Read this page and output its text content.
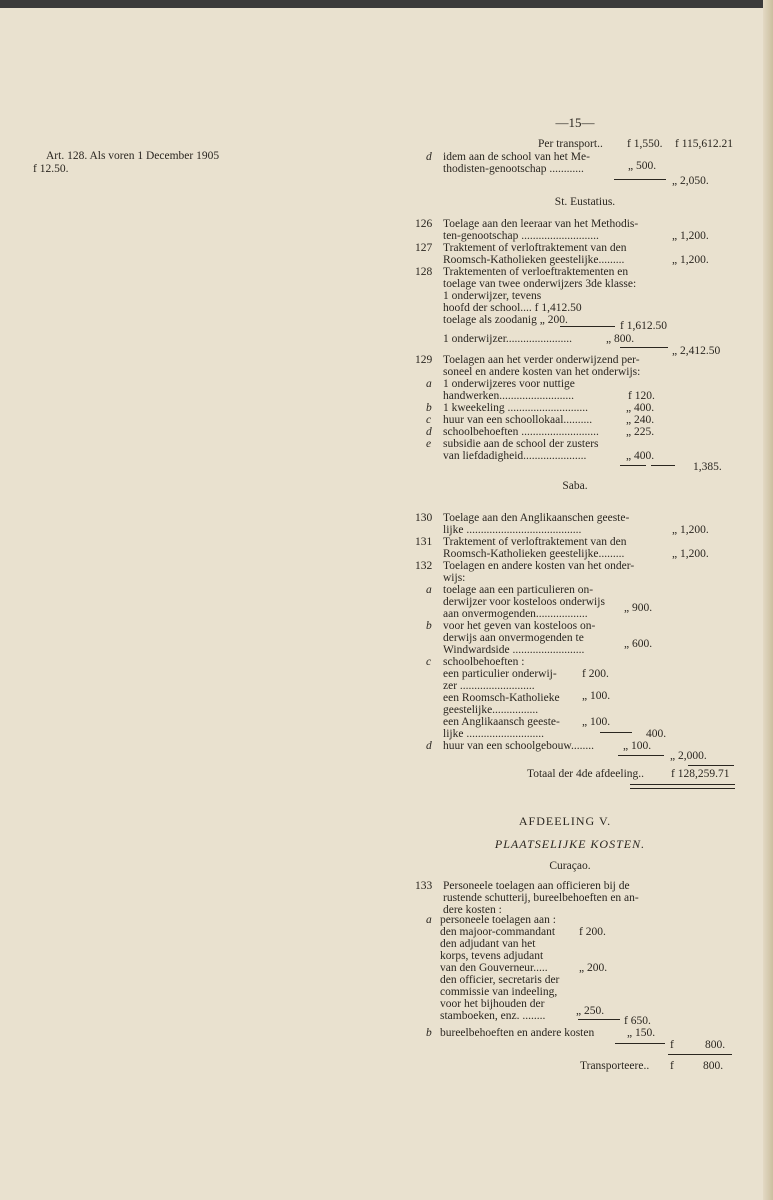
—15—
Art. 128. Als voren 1 December 1905
f 12.50.
Per transport.. f 1,550. f 115,612.21
d idem aan de school van het Me-
thodisten-genootschap ............	„ 500.
„ 2,050.
St. Eustatius.
126 Toelage aan den leeraar van het Methodis-
ten-genootschap ...........................	„ 1,200.
127 Traktement of verloftraktement van den
Roomsch-Katholieken geestelijke.........	„ 1,200.
128 Traktementen of verloeftraktementen en
toelage van twee onderwijzers 3de klasse:
1 onderwijzer, tevens
hoofd der school.... f 1,412.50
toelage als zoodanig „ 200.	f 1,612.50
1 onderwijzer.......................	„ 800.
„ 2,412.50
129 Toelagen aan het verder onderwijzend per-
soneel en andere kosten van het onderwijs:
a 1 onderwijzeres voor nuttige
handwerken..........................	f 120.
b 1 kweekeling ............................	„ 400.
c huur van een schoollokaal..........	„ 240.
d schoolbehoeften ........................... „ 225.
e subsidie aan de school der zusters
van liefdadigheid......................	„ 400.
1,385.
Saba.
130 Toelage aan den Anglikaanschen geeste-
lijke ........................................	„ 1,200.
131 Traktement of verloftraktement van den
Roomsch-Katholieken geestelijke.........	„ 1,200.
132 Toelagen en andere kosten van het onder-
wijs:
a toelage aan een particulieren on-
derwijzer voor kosteloos onderwijs
aan onvermogenden..................	„ 900.
b voor het geven van kosteloos on-
derwijs aan onvermogenden te
Windwardside .........................	„ 600.
c schoolbehoeften :
een particulier onderwij-
zer ..........................
f 200.
een Roomsch-Katholieke
geestelijke................
„ 100.
een Anglikaansch geeste-
lijke ...........................
„ 100.
400.
d huur van een schoolgebouw........	„ 100.
„ 2,000.
Totaal der 4de afdeeling.. f 128,259.71
AFDEELING V.
PLAATSELIJKE KOSTEN.
Curaçao.
133 Personeele toelagen aan officieren bij de
rustende schutterij, bureelbehoeften en an-
dere kosten :
a personeele toelagen aan :
den majoor-commandant f 200.
den adjudant van het
korps, tevens adjudant
van den Gouverneur.....	„ 200.
den officier, secretaris der
commissie van indeeling,
voor het bijhouden der
stamboeken, enz. ........	„ 250.
f 650.
b bureelbehoeften en andere kosten	„ 150.
f	800.
Transporteere.. f	800.
